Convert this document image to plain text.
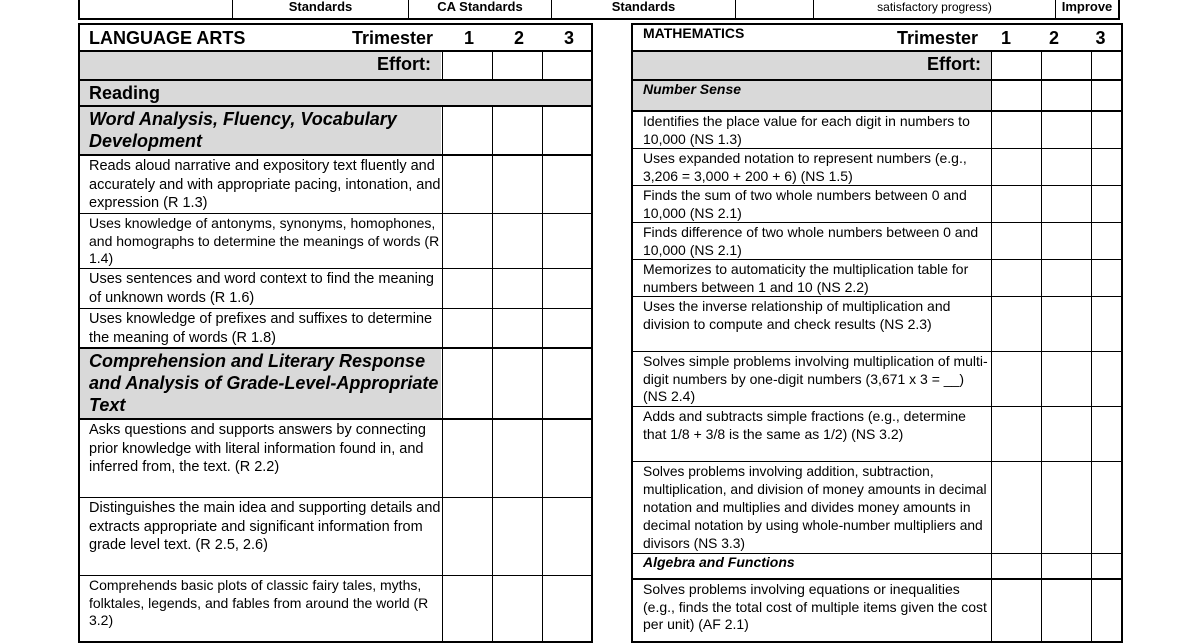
Standards	CA Standards	Standards	satisfactory progress)	Improve
LANGUAGE ARTS	Trimester	1	2	3
Effort:
Reading
Word Analysis, Fluency, Vocabulary Development
Reads aloud narrative and expository text fluently and accurately and with appropriate pacing, intonation, and expression (R 1.3)
Uses knowledge of antonyms, synonyms, homophones, and homographs to determine the meanings of words (R 1.4)
Uses sentences and word context to find the meaning of unknown words (R 1.6)
Uses knowledge of prefixes and suffixes to determine the meaning of words (R 1.8)
Comprehension and Literary Response and Analysis of Grade-Level-Appropriate Text
Asks questions and supports answers by connecting prior knowledge with literal information found in, and inferred from, the text. (R 2.2)
Distinguishes the main idea and supporting details and extracts appropriate and significant information from grade level text. (R 2.5, 2.6)
Comprehends basic plots of classic fairy tales, myths, folktales, legends, and fables from around the world (R 3.2)
MATHEMATICS	Trimester	1	2	3
Effort:
Number Sense
Identifies the place value for each digit in numbers to 10,000 (NS 1.3)
Uses expanded notation to represent numbers (e.g., 3,206 = 3,000 + 200 + 6) (NS 1.5)
Finds the sum of two whole numbers between 0 and 10,000 (NS 2.1)
Finds difference of two whole numbers between 0 and 10,000 (NS 2.1)
Memorizes to automaticity the multiplication table for numbers between 1 and 10 (NS 2.2)
Uses the inverse relationship of multiplication and division to compute and check results (NS 2.3)
Solves simple problems involving multiplication of multi-digit numbers by one-digit numbers (3,671 x 3 = __) (NS 2.4)
Adds and subtracts simple fractions (e.g., determine that 1/8 + 3/8 is the same as 1/2) (NS 3.2)
Solves problems involving addition, subtraction, multiplication, and division of money amounts in decimal notation and multiplies and divides money amounts in decimal notation by using whole-number multipliers and divisors (NS 3.3)
Algebra and Functions
Solves problems involving equations or inequalities (e.g., finds the total cost of multiple items given the cost per unit) (AF 2.1)
